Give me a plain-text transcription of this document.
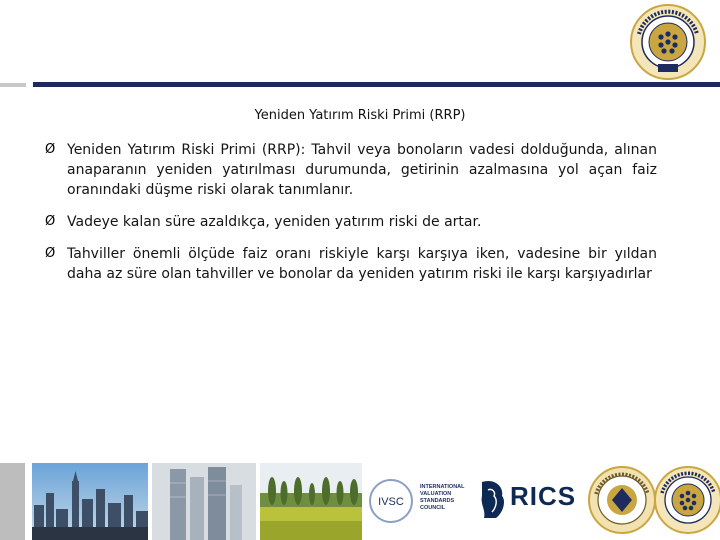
Yeniden Yatırım Riski Primi (RRP)
Ø Yeniden Yatırım Riski Primi (RRP): Tahvil veya bonoların vadesi dolduğunda, alınan anaparanın yeniden yatırılması durumunda, getirinin azalmasına yol açan faiz oranındaki düşme riski olarak tanımlanır.
Ø Vadeye kalan süre azaldıkça, yeniden yatırım riski de artar.
Ø Tahviller önemli ölçüde faiz oranı riskiyle karşı karşıya iken, vadesine bir yıldan daha az süre olan tahviller ve bonolar da yeniden yatırım riski ile karşı karşıyadırlar
IVSC
INTERNATIONAL VALUATION STANDARDS COUNCIL	RICS
